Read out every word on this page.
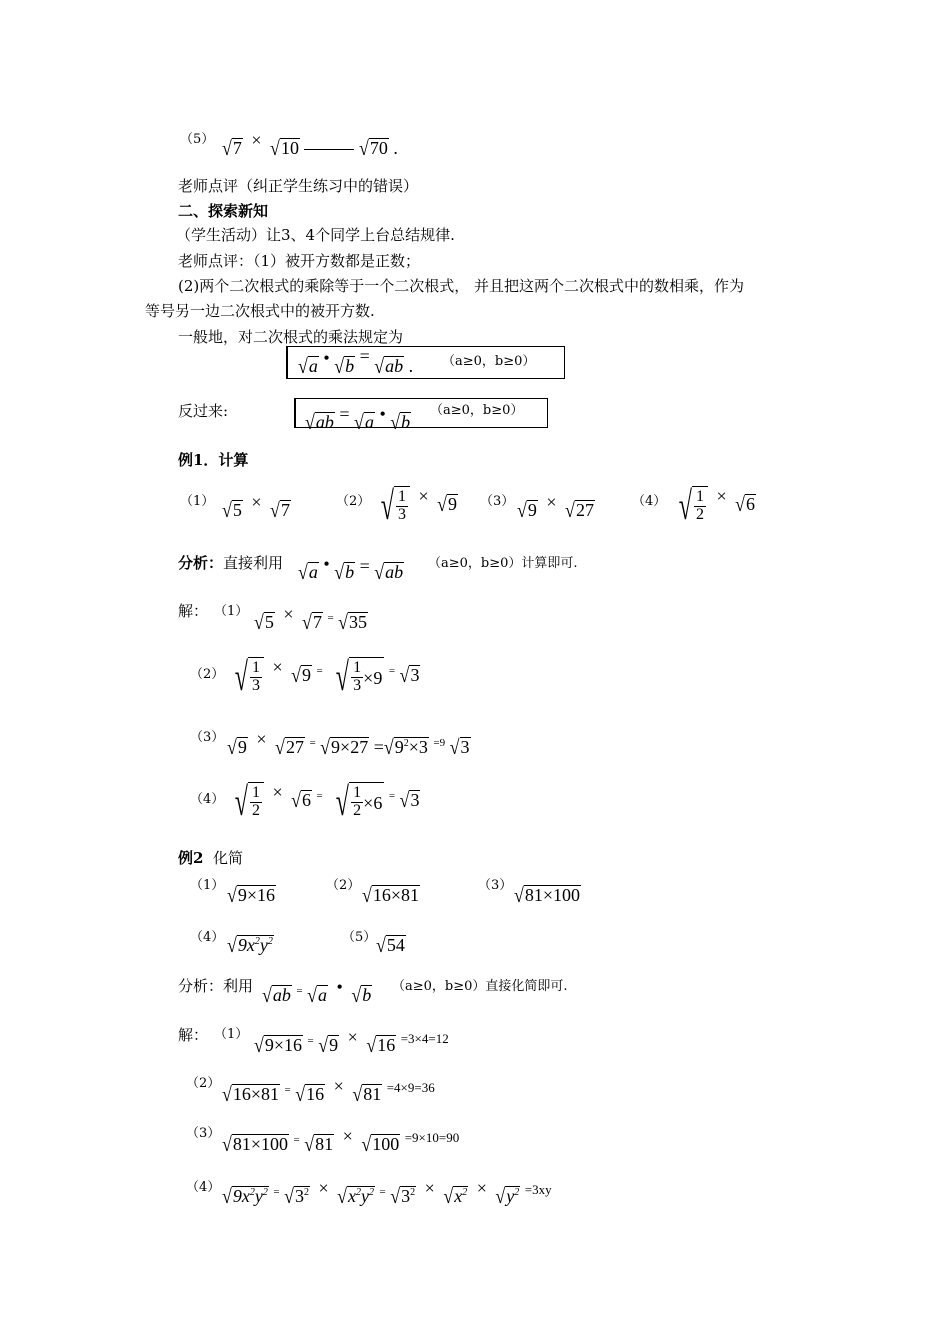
（5） √7 × √10	√70 .
老师点评（纠正学生练习中的错误）
二、探索新知
（学生活动）让3、4个同学上台总结规律.
老师点评：（1）被开方数都是正数；
(2)两个二次根式的乘除等于一个二次根式， 并且把这两个二次根式中的数相乘，作为
等号另一边二次根式中的被开方数.
一般地，对二次根式的乘法规定为
√a • √b = √ab . （a≥0，b≥0）
反过来:	√ab = √a • √b
（a≥0，b≥0）
例1．计算
（1） √5 × √7	（2） √ $\frac{1}{3} \times √9$ （3） √9 × √27	（4） √ $\frac{1}{2} \times √6$
分析：直接利用 √a • √b = √ab （a≥0，b≥0）计算即可.
解： （1） √5 × √7 = √35
（2） √ $\frac{1}{3} \times √9$ = √ $\frac{1}{3} \times 9$ = √3
（3） √9 × √27 = $√9\times 27 =√9^2\times 3$ $^{=9}$ √3
（4） √ $\frac{1}{2} \times √6$ = √ $\frac{1}{2} \times 6$ = √3
例2 化简
（1） √9×16	（2） √16×81	（3） √81×100
（4） $√9x^2y^2$	（5） √54
分析：利用 √ab = √a • √b （a≥0，b≥0）直接化简即可.
解： （1） √9×16 = √9 × √16 $^{=3\times 4=12}$
（2） √16×81 = √16 × √81 $^{=4\times 9=36}$
（3） √81×100 = √81 × √100 $^{=9\times 10=90}$
（4） $√9x^2y^2$ = $√3^2 \times √x^2y^2$ = $√3^2 \times √x^2 \times √y^2$ $^{=3xy}$
